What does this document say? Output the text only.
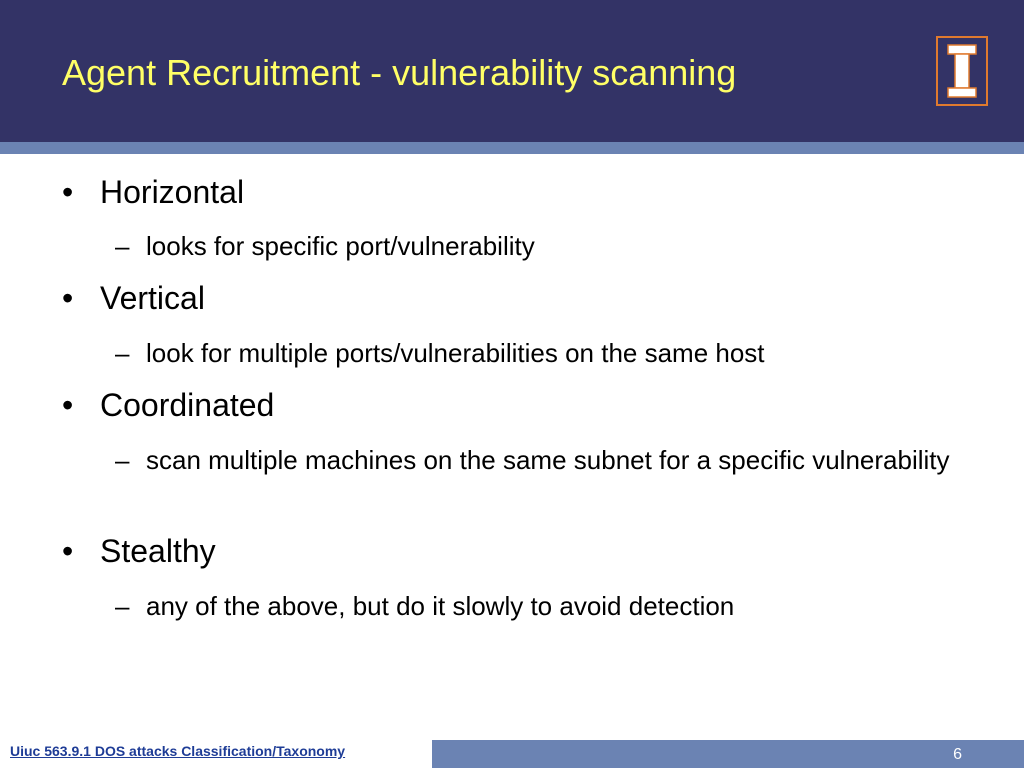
Agent Recruitment - vulnerability scanning
• Horizontal
– looks for specific port/vulnerability
• Vertical
– look for multiple ports/vulnerabilities on the same host
• Coordinated
– scan multiple machines on the same subnet for a specific vulnerability
• Stealthy
– any of the above, but do it slowly to avoid detection
Uiuc 563.9.1 DOS attacks Classification/Taxonomy	6
